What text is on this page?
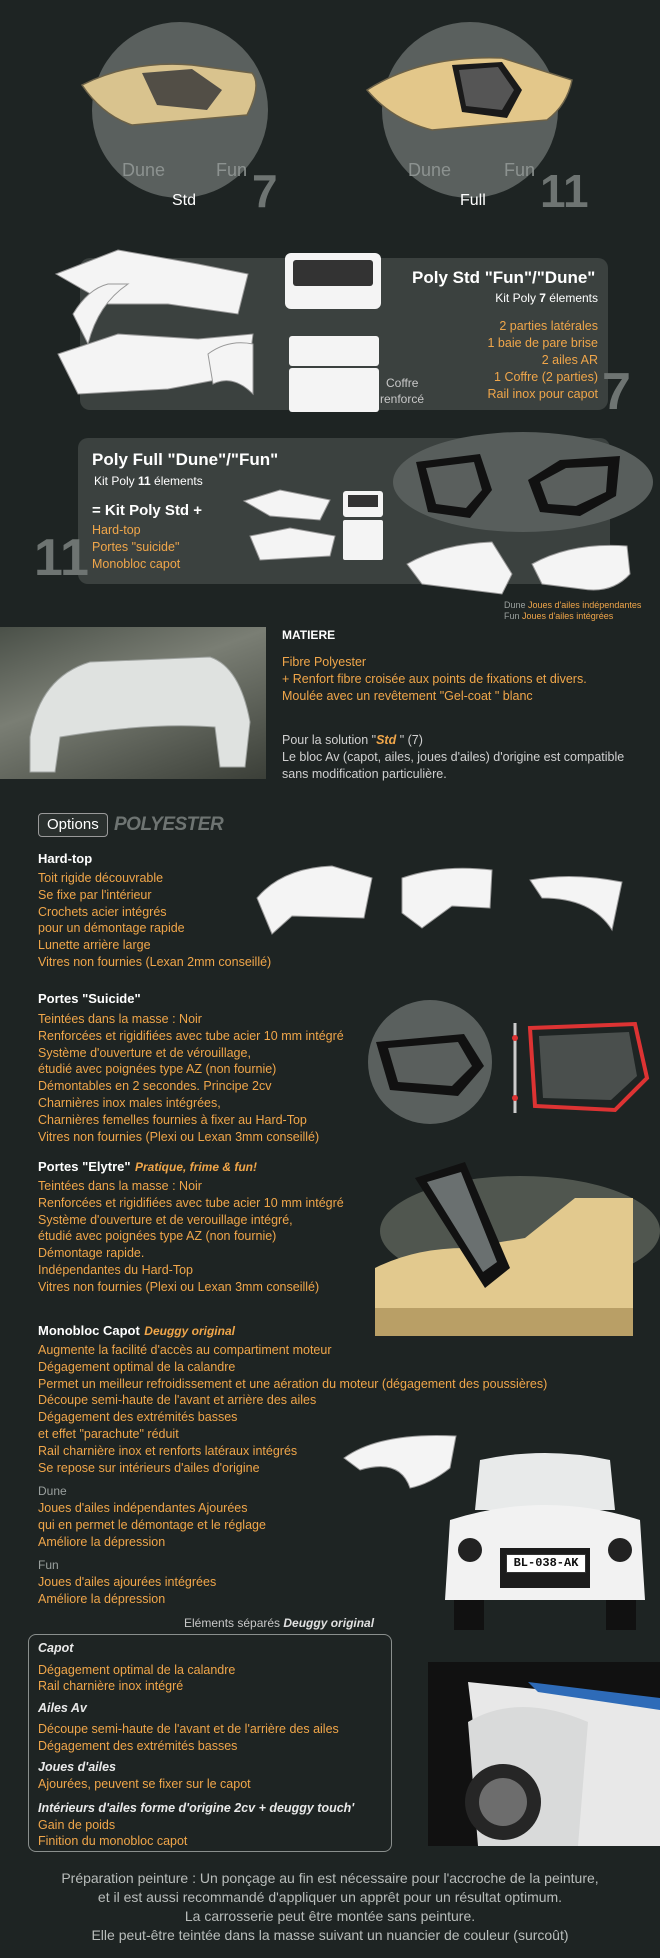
Dune	Fun
Std 7	Dune	Fun
Full 11
Coffre
renforcé
Poly Std "Fun"/"Dune"
Kit Poly 7 élements
2 parties latérales
1 baie de pare brise
2 ailes AR
1 Coffre (2 parties)
Rail inox pour capot 7
Poly Full "Dune"/"Fun"
Kit Poly 11 élements
= Kit Poly Std +
Hard-top
Portes "suicide"
Monobloc capot
11
Dune Joues d'ailes indépendantes
Fun Joues d'ailes intégrées
MATIERE
Fibre Polyester
+ Renfort fibre croisée aux points de fixations et divers.
Moulée avec un revêtement "Gel-coat " blanc
Pour la solution "Std " (7)
Le bloc Av (capot, ailes, joues d'ailes) d'origine est compatible
sans modification particulière.
Options POLYESTER
Hard-top
Toit rigide découvrable
Se fixe par l'intérieur
Crochets acier intégrés
pour un démontage rapide
Lunette arrière large
Vitres non fournies (Lexan 2mm conseillé)
Portes "Suicide"
Teintées dans la masse : Noir
Renforcées et rigidifiées avec tube acier 10 mm intégré
Système d'ouverture et de vérouillage,
étudié avec poignées type AZ (non fournie)
Démontables en 2 secondes. Principe 2cv
Charnières inox males intégrées,
Charnières femelles fournies à fixer au Hard-Top
Vitres non fournies (Plexi ou Lexan 3mm conseillé)
Portes "Elytre" Pratique, frime & fun!
Teintées dans la masse : Noir
Renforcées et rigidifiées avec tube acier 10 mm intégré
Système d'ouverture et de verouillage intégré,
étudié avec poignées type AZ (non fournie)
Démontage rapide.
Indépendantes du Hard-Top
Vitres non fournies (Plexi ou Lexan 3mm conseillé)
Monobloc Capot Deuggy original
Augmente la facilité d'accès au compartiment moteur
Dégagement optimal de la calandre
Permet un meilleur refroidissement et une aération du moteur (dégagement des poussières)
Découpe semi-haute de l'avant et arrière des ailes
Dégagement des extrémités basses
et effet "parachute" réduit
Rail charnière inox et renforts latéraux intégrés
Se repose sur intérieurs d'ailes d'origine
Dune
Joues d'ailes indépendantes Ajourées
qui en permet le démontage et le réglage
Améliore la dépression
Fun
Joues d'ailes ajourées intégrées
Améliore la dépression
BL-038-AK
Eléments séparés Deuggy original
Capot
Dégagement optimal de la calandre
Rail charnière inox intégré
Ailes Av
Découpe semi-haute de l'avant et de l'arrière des ailes
Dégagement des extrémités basses
Joues d'ailes
Ajourées, peuvent se fixer sur le capot
Intérieurs d'ailes forme d'origine 2cv + deuggy touch'
Gain de poids
Finition du monobloc capot
Préparation peinture : Un ponçage au fin est nécessaire pour l'accroche de la peinture,
et il est aussi recommandé d'appliquer un apprêt pour un résultat optimum.
La carrosserie peut être montée sans peinture.
Elle peut-être teintée dans la masse suivant un nuancier de couleur (surcoût)
